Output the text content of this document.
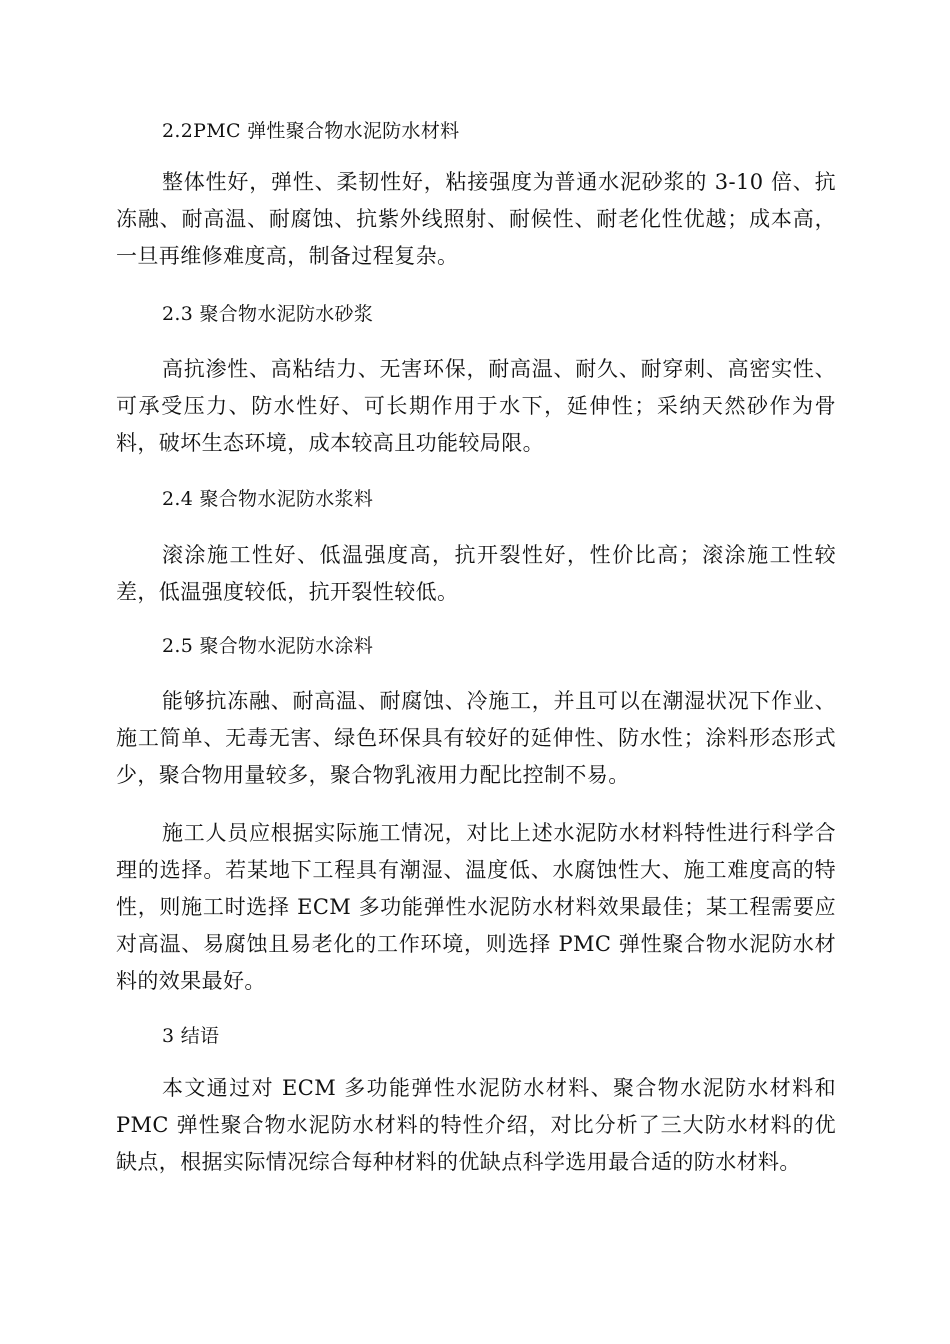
2.2PMC 弹性聚合物水泥防水材料

整体性好，弹性、柔韧性好，粘接强度为普通水泥砂浆的 3-10 倍、抗冻融、耐高温、耐腐蚀、抗紫外线照射、耐候性、耐老化性优越；成本高，一旦再维修难度高，制备过程复杂。

2.3 聚合物水泥防水砂浆

高抗渗性、高粘结力、无害环保，耐高温、耐久、耐穿刺、高密实性、可承受压力、防水性好、可长期作用于水下，延伸性；采纳天然砂作为骨料，破坏生态环境，成本较高且功能较局限。

2.4 聚合物水泥防水浆料

滚涂施工性好、低温强度高，抗开裂性好，性价比高；滚涂施工性较差，低温强度较低，抗开裂性较低。

2.5 聚合物水泥防水涂料

能够抗冻融、耐高温、耐腐蚀、冷施工，并且可以在潮湿状况下作业、施工简单、无毒无害、绿色环保具有较好的延伸性、防水性；涂料形态形式少，聚合物用量较多，聚合物乳液用力配比控制不易。

施工人员应根据实际施工情况，对比上述水泥防水材料特性进行科学合理的选择。若某地下工程具有潮湿、温度低、水腐蚀性大、施工难度高的特性，则施工时选择 ECM 多功能弹性水泥防水材料效果最佳；某工程需要应对高温、易腐蚀且易老化的工作环境，则选择 PMC 弹性聚合物水泥防水材料的效果最好。

3 结语

本文通过对 ECM 多功能弹性水泥防水材料、聚合物水泥防水材料和 PMC 弹性聚合物水泥防水材料的特性介绍，对比分析了三大防水材料的优缺点，根据实际情况综合每种材料的优缺点科学选用最合适的防水材料。
